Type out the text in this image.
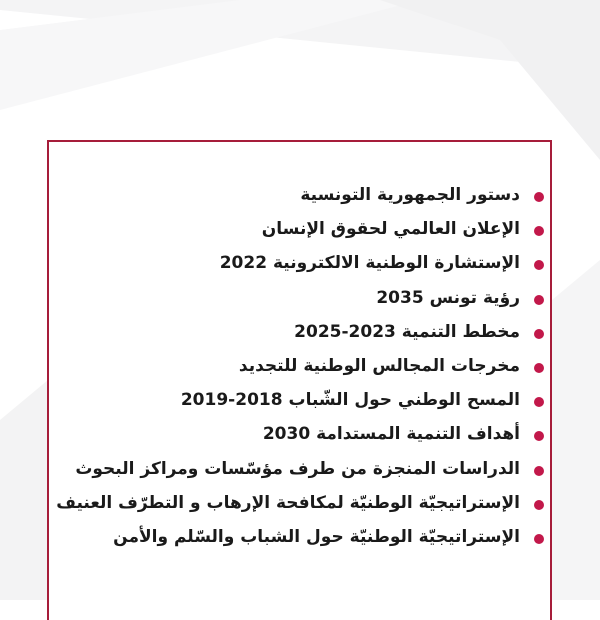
دستور الجمهورية التونسية
الإعلان العالمي لحقوق الإنسان
الإستشارة الوطنية الالكترونية 2022
رؤية تونس 2035
مخطط التنمية 2023-2025
مخرجات المجالس الوطنية للتجديد
المسح الوطني حول الشّباب 2018-2019
أهداف التنمية المستدامة 2030
الدراسات المنجزة من طرف مؤسّسات ومراكز البحوث
الإستراتيجيّة الوطنيّة لمكافحة الإرهاب و التطرّف العنيف
الإستراتيجيّة الوطنيّة حول الشباب والسّلم والأمن
